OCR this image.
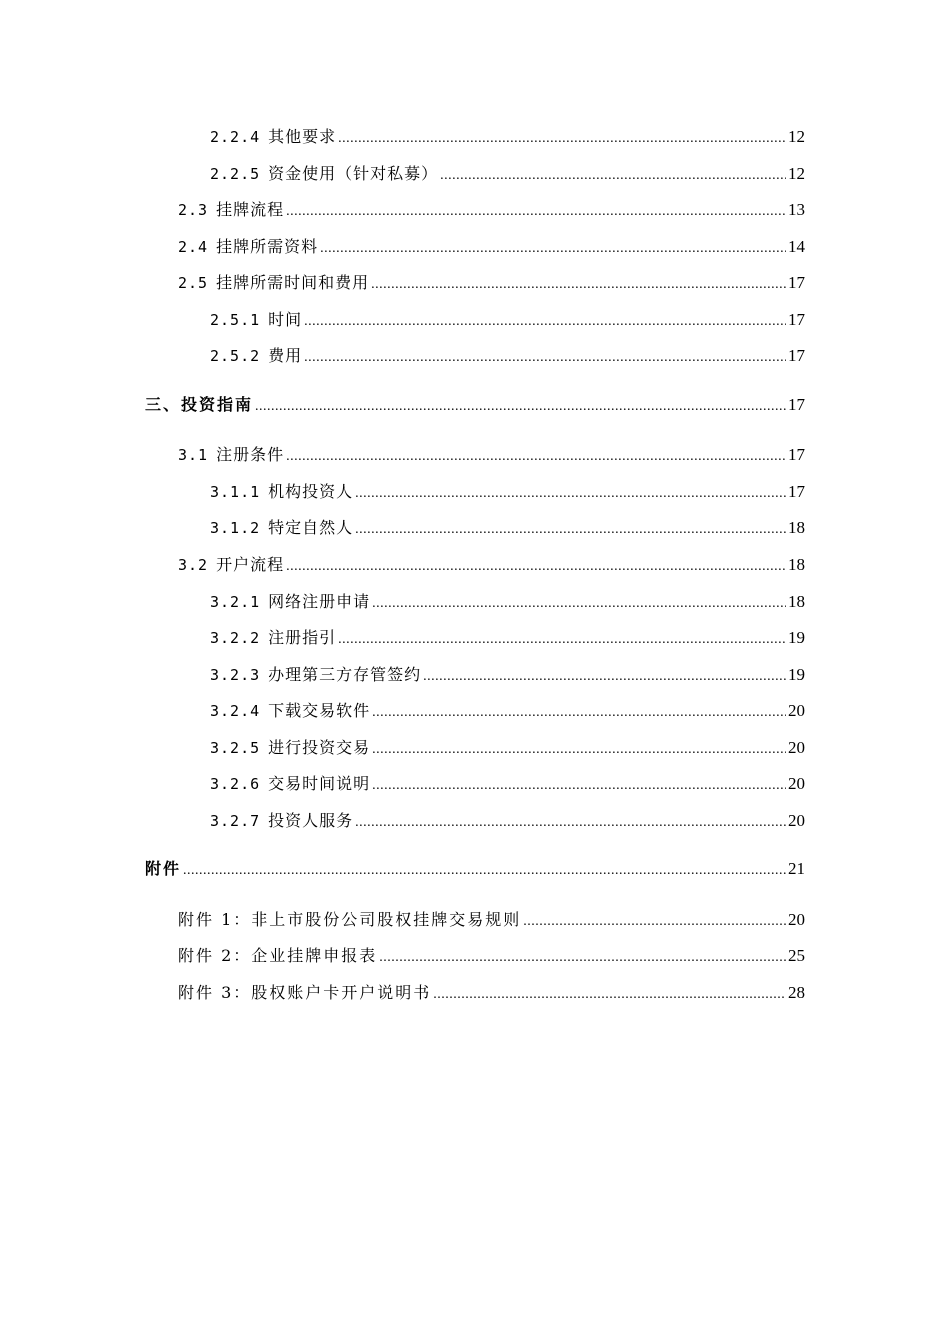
2.2.4 其他要求 .....	12
2.2.5 资金使用（针对私募） .....	12
2.3 挂牌流程 .....	13
2.4 挂牌所需资料 .....	14
2.5 挂牌所需时间和费用 .....	17
2.5.1 时间 .....	17
2.5.2 费用 .....	17
三、投资指南 .....	17
3.1 注册条件 .....	17
3.1.1 机构投资人 .....	17
3.1.2 特定自然人 .....	18
3.2 开户流程 .....	18
3.2.1 网络注册申请 .....	18
3.2.2 注册指引 .....	19
3.2.3 办理第三方存管签约 .....	19
3.2.4 下载交易软件 .....	20
3.2.5 进行投资交易 .....	20
3.2.6 交易时间说明 .....	20
3.2.7 投资人服务 .....	20
附件 .....	21
附件 1：非上市股份公司股权挂牌交易规则 .....	20
附件 2：企业挂牌申报表 .....	25
附件 3：股权账户卡开户说明书 .....	28
